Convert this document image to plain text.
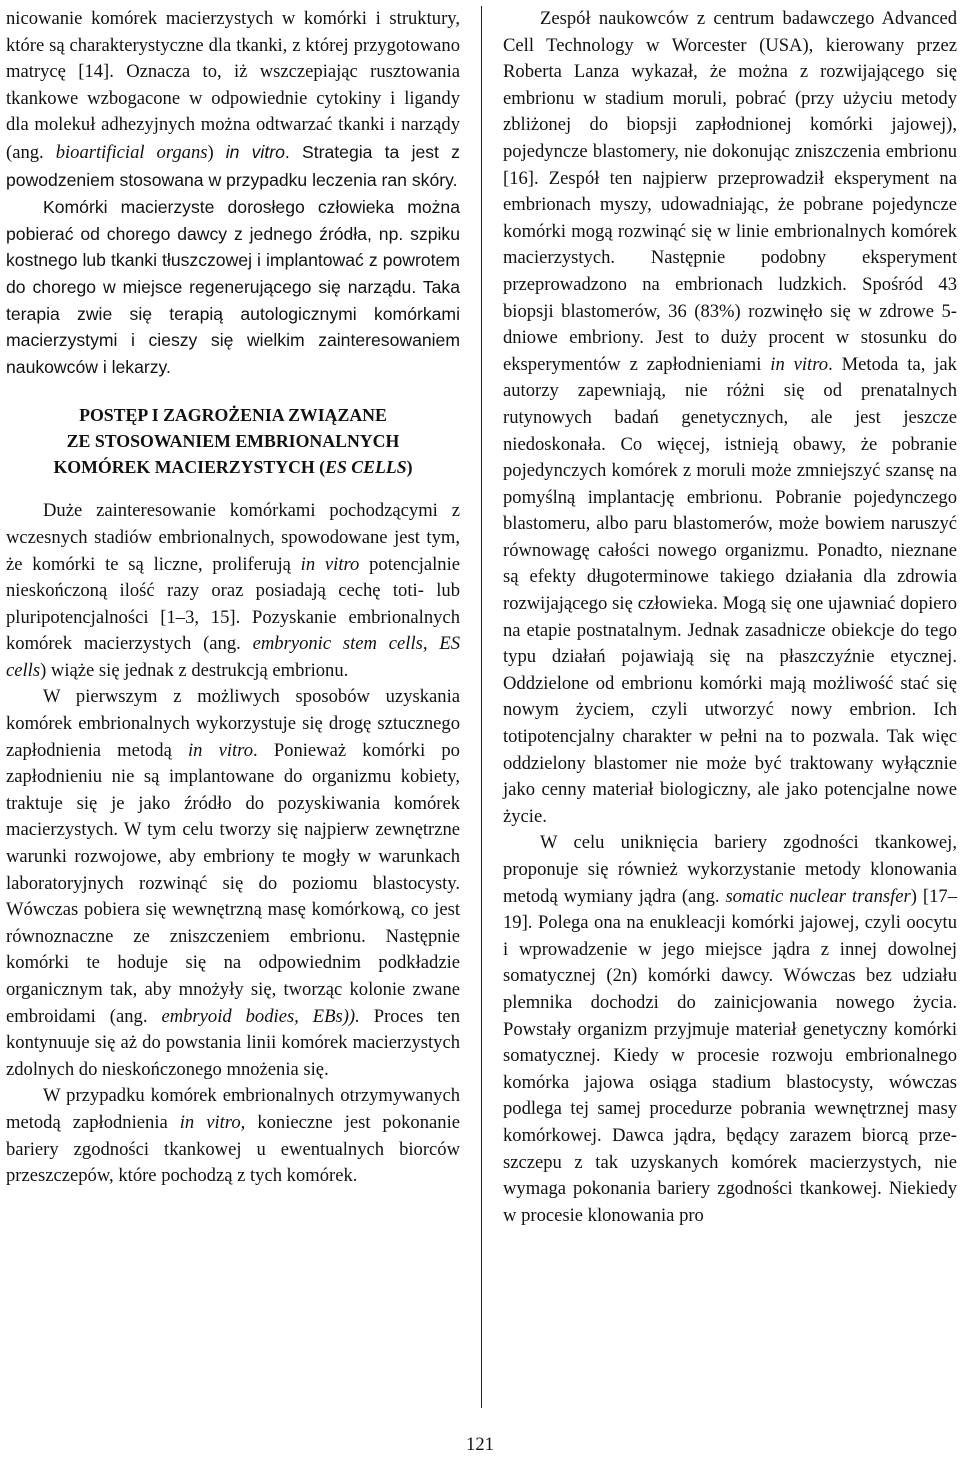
nicowanie komórek macierzystych w komórki i struktury, które są charakterystyczne dla tkanki, z której przygotowano matrycę [14]. Oznacza to, iż wszczepiając rusztowania tkankowe wzbogacone w odpowiednie cytokiny i ligandy dla molekuł adhezyjnych można odtwarzać tkanki i narządy (ang. bioartificial organs) in vitro. Strategia ta jest z powodzeniem stosowana w przypadku leczenia ran skóry.

Komórki macierzyste dorosłego człowieka można pobierać od chorego dawcy z jednego źródła, np. szpiku kostnego lub tkanki tłuszczowej i implantować z powrotem do chorego w miejsce regenerującego się narządu. Taka terapia zwie się terapią autologicznymi komórkami macierzystymi i cieszy się wielkim zainteresowaniem naukowców i lekarzy.

POSTĘP I ZAGROŻENIA ZWIĄZANE
ZE STOSOWANIEM EMBRIONALNYCH
KOMÓREK MACIERZYSTYCH (ES CELLS)

Duże zainteresowanie komórkami pochodzącymi z wczesnych stadiów embrionalnych, spowodowane jest tym, że komórki te są liczne, proliferują in vitro potencjalnie nieskończoną ilość razy oraz posiadają cechę toti- lub pluripotencjalności [1–3, 15]. Pozyskanie embrionalnych komórek macierzystych (ang. embryonic stem cells, ES cells) wiąże się jednak z destrukcją embrionu.

W pierwszym z możliwych sposobów uzyskania komórek embrionalnych wykorzystuje się drogę sztucznego zapłodnienia metodą in vitro. Ponieważ komórki po zapłodnieniu nie są implantowane do organizmu kobiety, traktuje się je jako źródło do pozyskiwania komórek macierzystych. W tym celu tworzy się najpierw zewnętrzne warunki rozwojowe, aby embriony te mogły w warunkach laboratoryjnych rozwinąć się do poziomu blastocysty. Wówczas pobiera się wewnętrzną masę komórkową, co jest równoznaczne ze zniszczeniem embrionu. Następnie komórki te hoduje się na odpowiednim podkładzie organicznym tak, aby mnożyły się, tworząc kolonie zwane embroidami (ang. embryoid bodies, EBs)). Proces ten kontynuuje się aż do powstania linii komórek macierzystych zdolnych do nieskończonego mnożenia się.

W przypadku komórek embrionalnych otrzymywanych metodą zapłodnienia in vitro, konieczne jest pokonanie bariery zgodności tkankowej u ewentualnych biorców przeszczepów, które pochodzą z tych komórek.

Zespół naukowców z centrum badawczego Advanced Cell Technology w Worcester (USA), kierowany przez Roberta Lanza wykazał, że można z rozwijającego się embrionu w stadium moruli, pobrać (przy użyciu metody zbliżonej do biopsji zapłodnionej komórki jajowej), pojedyncze blastomery, nie dokonując zniszczenia embrionu [16]. Zespół ten najpierw przeprowadził eksperyment na embrionach myszy, udowadniając, że pobrane pojedyncze komórki mogą rozwinąć się w linie embrionalnych komórek macierzystych. Następnie podobny eksperyment przeprowadzono na embrionach ludzkich. Spośród 43 biopsji blastomerów, 36 (83%) rozwinęło się w zdrowe 5-dniowe embriony. Jest to duży procent w stosunku do eksperymentów z zapłodnieniami in vitro. Metoda ta, jak autorzy zapewniają, nie różni się od prenatalnych rutynowych badań genetycznych, ale jest jeszcze niedoskonała. Co więcej, istnieją obawy, że pobranie pojedynczych komórek z moruli może zmniejszyć szansę na pomyślną implantację embrionu. Pobranie pojedynczego blastomeru, albo paru blastomerów, może bowiem naruszyć równowagę całości nowego organizmu. Ponadto, nieznane są efekty długoterminowe takiego działania dla zdrowia rozwijającego się człowieka. Mogą się one ujawniać dopiero na etapie postnatalnym. Jednak zasadnicze obiekcje do tego typu działań pojawiają się na płaszczyźnie etycznej. Oddzielone od embrionu komórki mają możliwość stać się nowym życiem, czyli utworzyć nowy embrion. Ich totipotencjalny charakter w pełni na to pozwala. Tak więc oddzielony blastomer nie może być traktowany wyłącznie jako cenny materiał biologiczny, ale jako potencjalne nowe życie.

W celu uniknięcia bariery zgodności tkankowej, proponuje się również wykorzystanie metody klonowania metodą wymiany jądra (ang. somatic nuclear transfer) [17–19]. Polega ona na enukleacji komórki jajowej, czyli oocytu i wprowadzenie w jego miejsce jądra z innej dowolnej somatycznej (2n) komórki dawcy. Wówczas bez udziału plemnika dochodzi do zainicjowania nowego życia. Powstały organizm przyjmuje materiał genetyczny komórki somatycznej. Kiedy w procesie rozwoju embrionalnego komórka jajowa osiąga stadium blastocysty, wówczas podlega tej samej procedurze pobrania wewnętrznej masy komórkowej. Dawca jądra, będący zarazem biorcą przeszczepu z tak uzyskanych komórek macierzystych, nie wymaga pokonania bariery zgodności tkankowej. Niekiedy w procesie klonowania pro

121
